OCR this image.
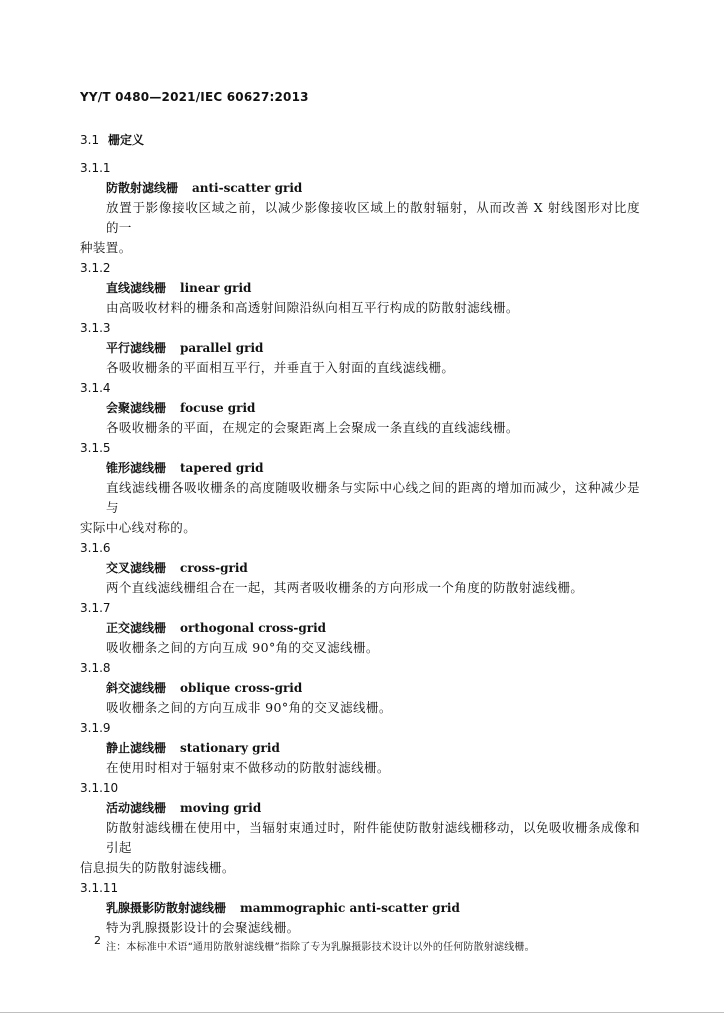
YY/T 0480—2021/IEC 60627:2013
3.1 栅定义
3.1.1
防散射滤线栅 anti-scatter grid
放置于影像接收区域之前，以减少影像接收区域上的散射辐射，从而改善 X 射线图形对比度的一
种装置。
3.1.2
直线滤线栅 linear grid
由高吸收材料的栅条和高透射间隙沿纵向相互平行构成的防散射滤线栅。
3.1.3
平行滤线栅 parallel grid
各吸收栅条的平面相互平行，并垂直于入射面的直线滤线栅。
3.1.4
会聚滤线栅 focuse grid
各吸收栅条的平面，在规定的会聚距离上会聚成一条直线的直线滤线栅。
3.1.5
锥形滤线栅 tapered grid
直线滤线栅各吸收栅条的高度随吸收栅条与实际中心线之间的距离的增加而减少，这种减少是与
实际中心线对称的。
3.1.6
交叉滤线栅 cross-grid
两个直线滤线栅组合在一起，其两者吸收栅条的方向形成一个角度的防散射滤线栅。
3.1.7
正交滤线栅 orthogonal cross-grid
吸收栅条之间的方向互成 90°角的交叉滤线栅。
3.1.8
斜交滤线栅 oblique cross-grid
吸收栅条之间的方向互成非 90°角的交叉滤线栅。
3.1.9
静止滤线栅 stationary grid
在使用时相对于辐射束不做移动的防散射滤线栅。
3.1.10
活动滤线栅 moving grid
防散射滤线栅在使用中，当辐射束通过时，附件能使防散射滤线栅移动，以免吸收栅条成像和引起
信息损失的防散射滤线栅。
3.1.11
乳腺摄影防散射滤线栅 mammographic anti-scatter grid
特为乳腺摄影设计的会聚滤线栅。
注：本标准中术语“通用防散射滤线栅”指除了专为乳腺摄影技术设计以外的任何防散射滤线栅。
2
